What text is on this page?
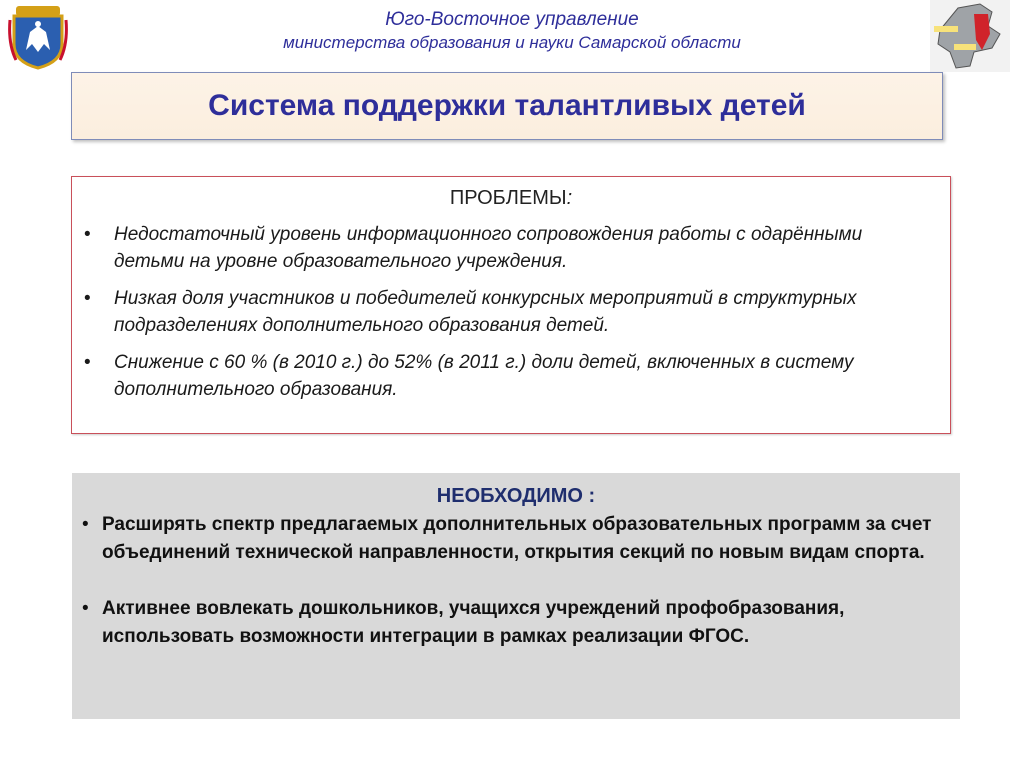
Юго-Восточное управление
министерства образования и науки Самарской области
Система поддержки талантливых детей
ПРОБЛЕМЫ:
• Недостаточный уровень информационного сопровождения работы с одарёнными детьми на уровне образовательного учреждения.
• Низкая доля участников и победителей конкурсных мероприятий в структурных подразделениях дополнительного образования детей.
• Снижение с 60 % (в 2010 г.) до 52% (в 2011 г.) доли детей, включенных в систему дополнительного образования.
НЕОБХОДИМО :
• Расширять спектр предлагаемых дополнительных образовательных программ за счет объединений технической направленности, открытия секций по новым видам спорта.
• Активнее вовлекать дошкольников, учащихся учреждений профобразования, использовать возможности интеграции в рамках реализации ФГОС.
